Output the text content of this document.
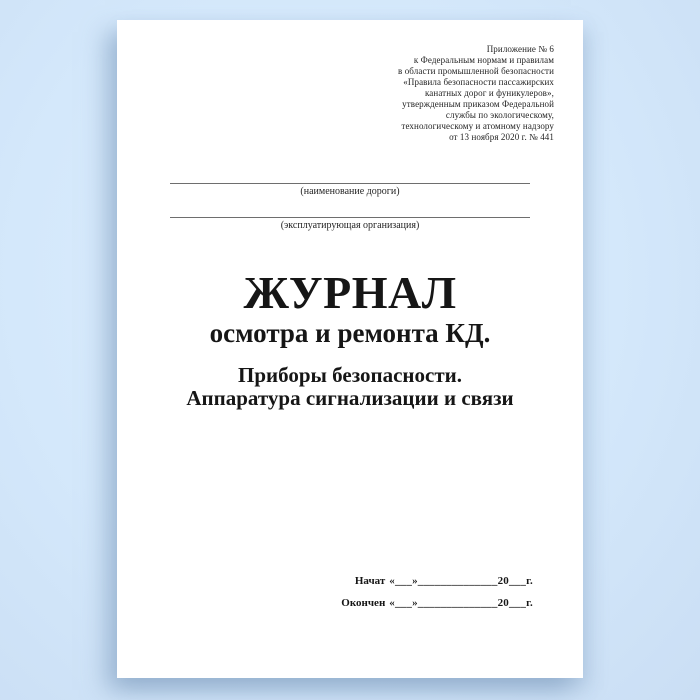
Приложение № 6
к Федеральным нормам и правилам
в области промышленной безопасности
«Правила безопасности пассажирских
канатных дорог и фуникулеров»,
утвержденным приказом Федеральной
службы по экологическому,
технологическому и атомному надзору
от 13 ноября 2020 г. № 441
(наименование дороги)
(эксплуатирующая организация)
ЖУРНАЛ
осмотра и ремонта КД.
Приборы безопасности.
Аппаратура сигнализации и связи
Начат «___»______________20___г.
Окончен «___»______________20___г.
